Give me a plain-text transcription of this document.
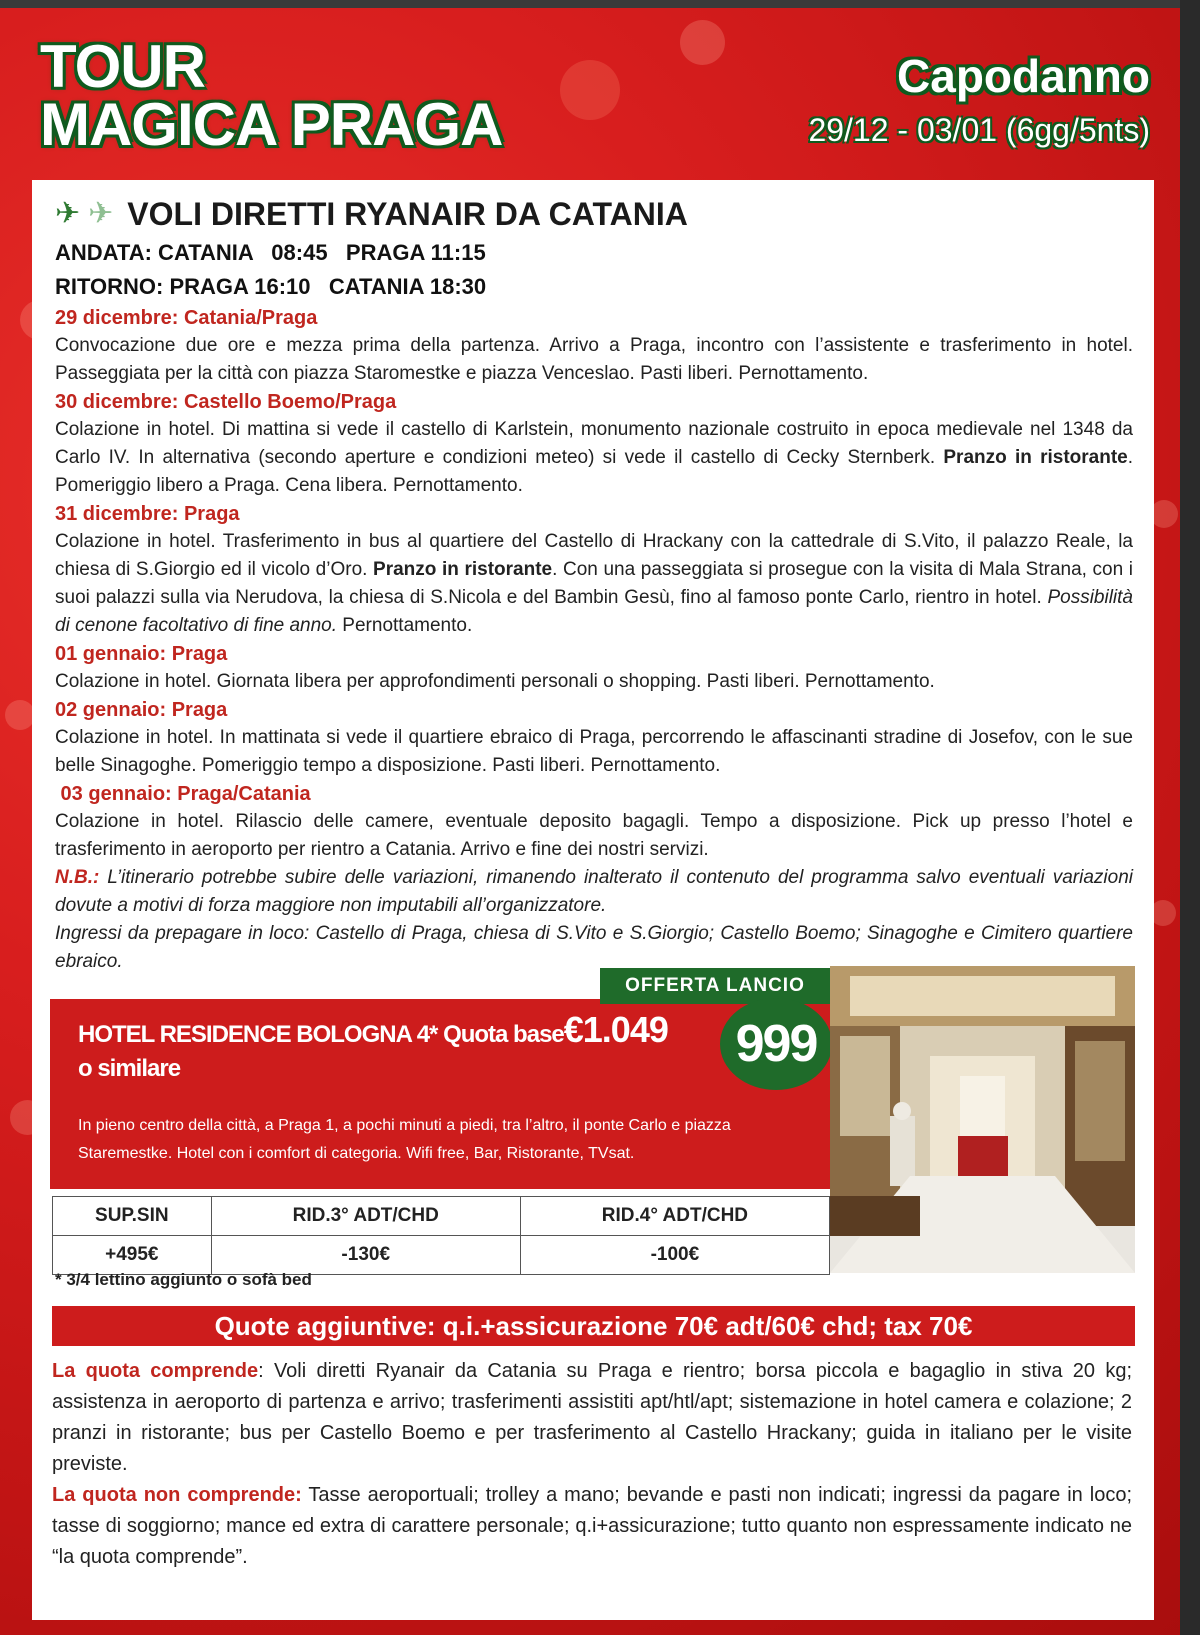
TOUR
MAGICA PRAGA
Capodanno
29/12 - 03/01 (6gg/5nts)
✈ ✈ VOLI DIRETTI RYANAIR DA CATANIA
ANDATA: CATANIA   08:45   PRAGA 11:15
RITORNO: PRAGA 16:10   CATANIA 18:30
29 dicembre: Catania/Praga

Convocazione due ore e mezza prima della partenza. Arrivo a Praga, incontro con l’assistente e trasferimento in hotel. Passeggiata per la città con piazza Staromestke e piazza Venceslao. Pasti liberi. Pernottamento.

30 dicembre: Castello Boemo/Praga

Colazione in hotel. Di mattina si vede il castello di Karlstein, monumento nazionale costruito in epoca medievale nel 1348 da Carlo IV. In alternativa (secondo aperture e condizioni meteo) si vede il castello di Cecky Sternberk. Pranzo in ristorante. Pomeriggio libero a Praga. Cena libera. Pernottamento.

31 dicembre: Praga

Colazione in hotel. Trasferimento in bus al quartiere del Castello di Hrackany con la cattedrale di S.Vito, il palazzo Reale, la chiesa di S.Giorgio ed il vicolo d’Oro. Pranzo in ristorante. Con una passeggiata si prosegue con la visita di Mala Strana, con i suoi palazzi sulla via Nerudova, la chiesa di S.Nicola e del Bambin Gesù, fino al famoso ponte Carlo, rientro in hotel. Possibilità di cenone facoltativo di fine anno. Pernottamento.

01 gennaio: Praga

Colazione in hotel. Giornata libera per approfondimenti personali o shopping. Pasti liberi. Pernottamento.

02 gennaio: Praga

Colazione in hotel. In mattinata si vede il quartiere ebraico di Praga, percorrendo le affascinanti stradine di Josefov, con le sue belle Sinagoghe. Pomeriggio tempo a disposizione. Pasti liberi. Pernottamento.

03 gennaio: Praga/Catania

Colazione in hotel. Rilascio delle camere, eventuale deposito bagagli. Tempo a disposizione. Pick up presso l’hotel e trasferimento in aeroporto per rientro a Catania. Arrivo e fine dei nostri servizi.

N.B.: L’itinerario potrebbe subire delle variazioni, rimanendo inalterato il contenuto del programma salvo eventuali variazioni dovute a motivi di forza maggiore non imputabili all’organizzatore.

Ingressi da prepagare in loco: Castello di Praga, chiesa di S.Vito e S.Giorgio; Castello Boemo; Sinagoghe e Cimitero quartiere ebraico.

HOTEL RESIDENCE BOLOGNA 4* Quota base€1.049
o similare
OFFERTA LANCIO
999
In pieno centro della città, a Praga 1, a pochi minuti a piedi, tra l’altro, il ponte Carlo e piazza Staremestke. Hotel con i comfort di categoria. Wifi free, Bar, Ristorante, TVsat.
SUP.SIN	RID.3° ADT/CHD	RID.4° ADT/CHD
+495€	-130€	-100€
* 3/4 lettino aggiunto o sofà bed
Quote aggiuntive: q.i.+assicurazione 70€ adt/60€ chd; tax 70€
La quota comprende: Voli diretti Ryanair da Catania su Praga e rientro; borsa piccola e bagaglio in stiva 20 kg; assistenza in aeroporto di partenza e arrivo; trasferimenti assistiti apt/htl/apt; sistemazione in hotel camera e colazione; 2 pranzi in ristorante; bus per Castello Boemo e per trasferimento al Castello Hrackany; guida in italiano per le visite previste.
La quota non comprende: Tasse aeroportuali; trolley a mano; bevande e pasti non indicati; ingressi da pagare in loco; tasse di soggiorno; mance ed extra di carattere personale; q.i+assicurazione; tutto quanto non espressamente indicato ne “la quota comprende”.
